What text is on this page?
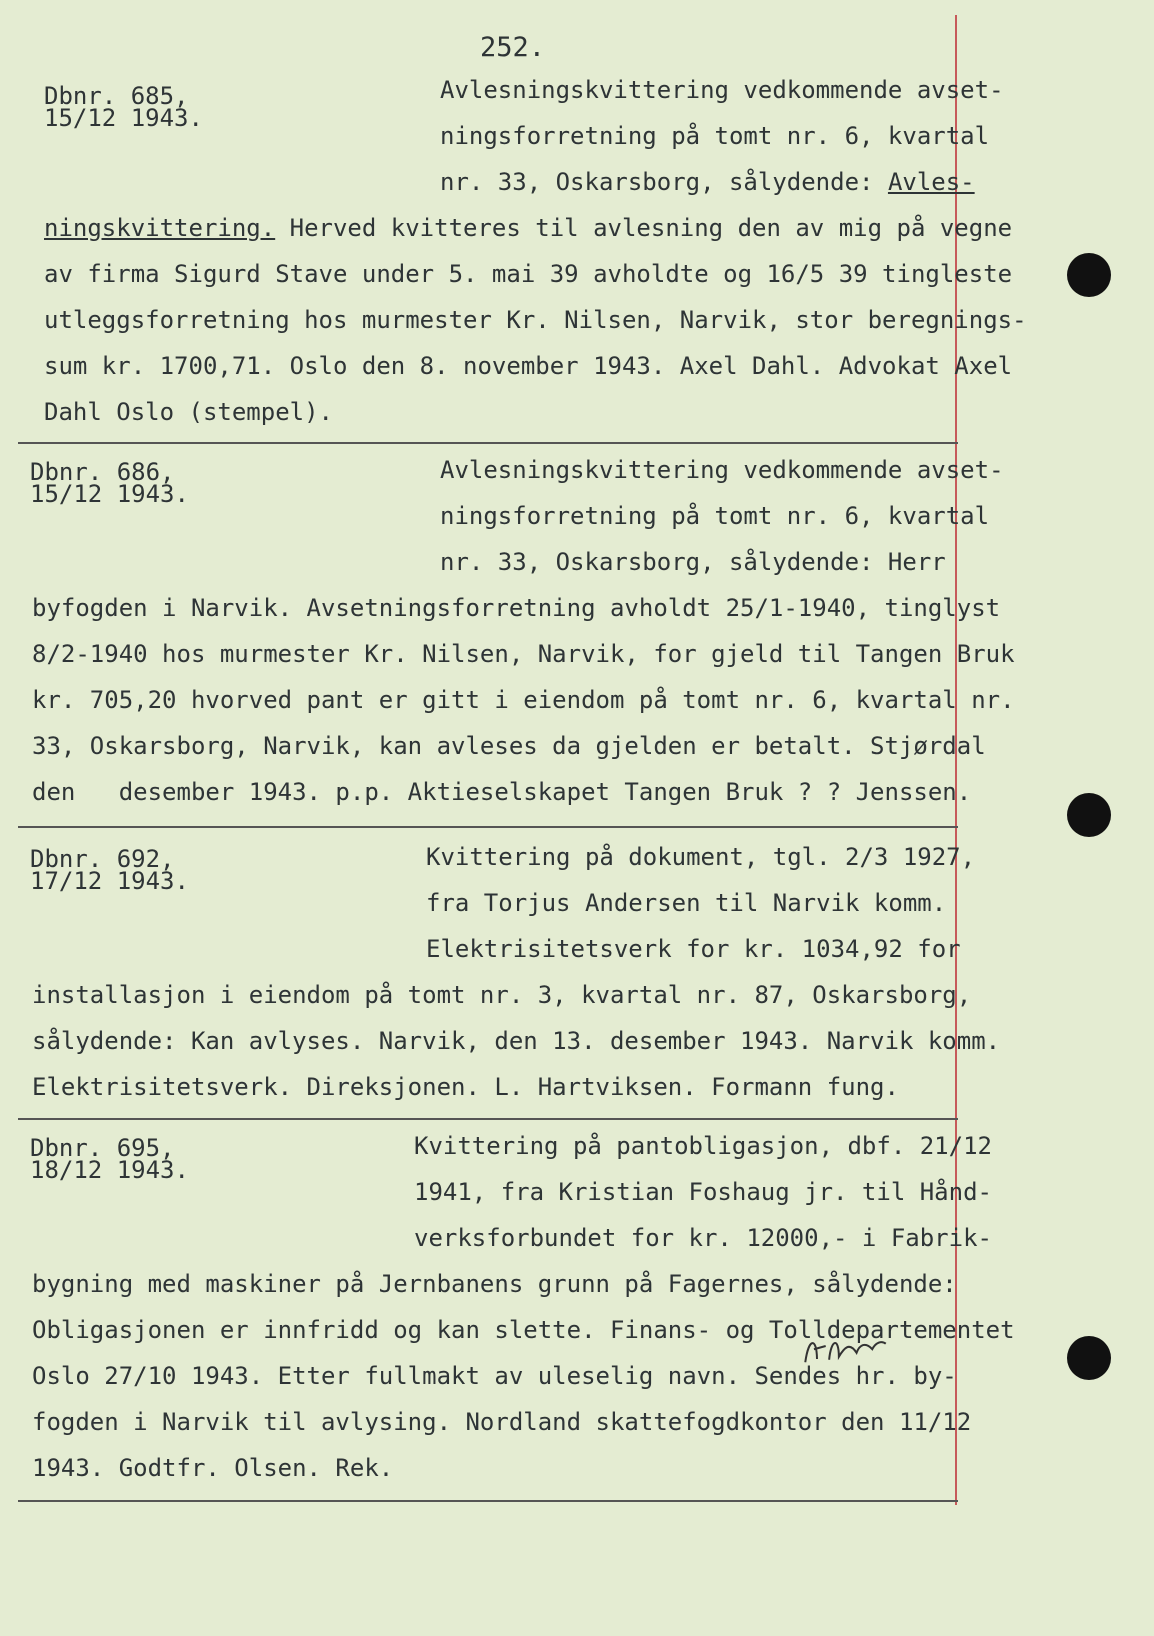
252.
Dbnr. 685,
15/12 1943.
Avlesningskvittering vedkommende avset-
ningsforretning på tomt nr. 6, kvartal
nr. 33, Oskarsborg, sålydende: Avles-
ningskvittering. Herved kvitteres til avlesning den av mig på vegne
av firma Sigurd Stave under 5. mai 39 avholdte og 16/5 39 tingleste
utleggsforretning hos murmester Kr. Nilsen, Narvik, stor beregnings-
sum kr. 1700,71. Oslo den 8. november 1943. Axel Dahl. Advokat Axel
Dahl Oslo (stempel).
Dbnr. 686,
15/12 1943.
Avlesningskvittering vedkommende avset-
ningsforretning på tomt nr. 6, kvartal
nr. 33, Oskarsborg, sålydende: Herr
byfogden i Narvik. Avsetningsforretning avholdt 25/1-1940, tinglyst
8/2-1940 hos murmester Kr. Nilsen, Narvik, for gjeld til Tangen Bruk
kr. 705,20 hvorved pant er gitt i eiendom på tomt nr. 6, kvartal nr.
33, Oskarsborg, Narvik, kan avleses da gjelden er betalt. Stjørdal
den   desember 1943. p.p. Aktieselskapet Tangen Bruk ? ? Jenssen.
Dbnr. 692,
17/12 1943.
Kvittering på dokument, tgl. 2/3 1927,
fra Torjus Andersen til Narvik komm.
Elektrisitetsverk for kr. 1034,92 for
installasjon i eiendom på tomt nr. 3, kvartal nr. 87, Oskarsborg,
sålydende: Kan avlyses. Narvik, den 13. desember 1943. Narvik komm.
Elektrisitetsverk. Direksjonen. L. Hartviksen. Formann fung.
Dbnr. 695,
18/12 1943.
Kvittering på pantobligasjon, dbf. 21/12
1941, fra Kristian Foshaug jr. til Hånd-
verksforbundet for kr. 12000,- i Fabrik-
bygning med maskiner på Jernbanens grunn på Fagernes, sålydende:
Obligasjonen er innfridd og kan slette. Finans- og Tolldepartementet
Oslo 27/10 1943. Etter fullmakt av uleselig navn. Sendes hr. by-
fogden i Narvik til avlysing. Nordland skattefogdkontor den 11/12
1943. Godtfr. Olsen. Rek.
